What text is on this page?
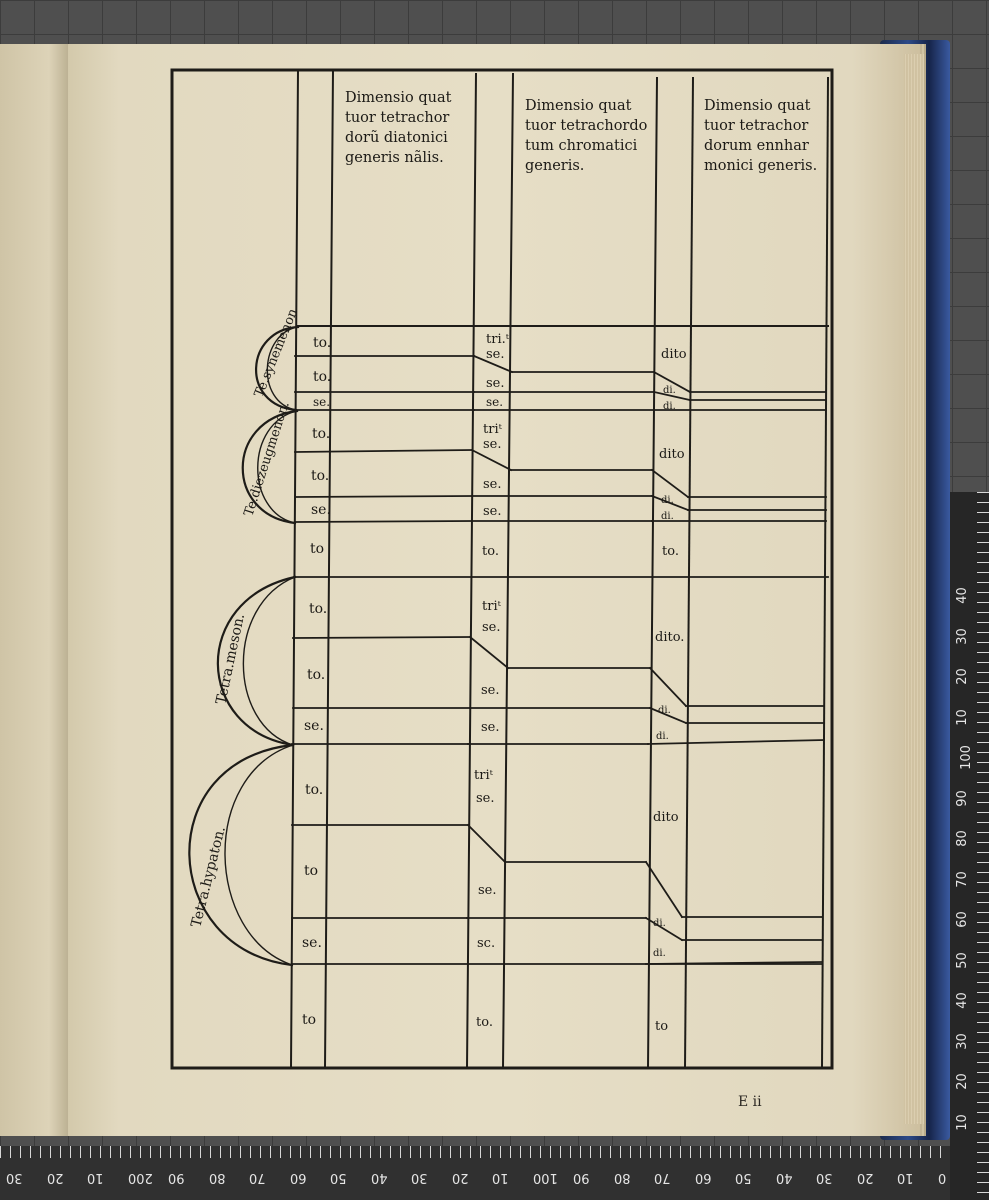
Te.synemenon
Te.diezeugmenon.
Tetra.meson.
Tetra.hypaton.
to.
to.
se.
to.
to.
se.
to
to.
to.
se.
to.
to
se.
to
tri.ᵗ
se.
se.
se.
triᵗ
se.
se.
se.
to.
triᵗ
se.
se.
se.
triᵗ
se.
se.
sc.
to.
dito
di.
di.
dito
di.
di.
to.
dito.
di.
di.
dito
di.
di.
to
Dimensio quat
tuor tetrachor
dorũ diatonici
generis nãlis.
Dimensio quat
tuor tetrachordo
tum chromatici
generis.
Dimensio quat
tuor tetrachor
dorum ennhar
monici generis.
E ii
30 20 10 200 90 80 70 60 50 40 30 20 10 100 90 80 70 60 50 40 30 20 10 0
40
30
20
10
100
90
80
70
60
50
40
30
20
10
